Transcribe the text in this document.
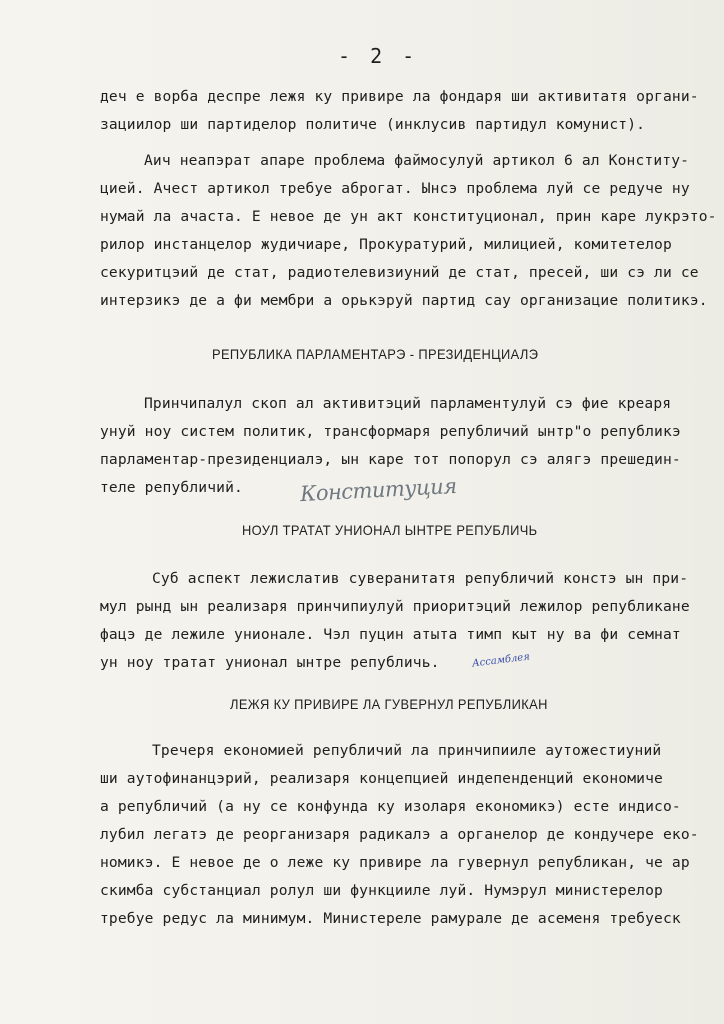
- 2 -
деч е ворба деспре лежя ку привире ла фондаря ши активитатя органи-
зациилор ши партиделор политиче (инклусив партидул комунист).
Аич неапэрат апаре проблема файмосулуй артикол 6 ал Конститу-
цией. Ачест артикол требуе аброгат. Ынсэ проблема луй се редуче ну
нумай ла ачаста. Е невое де ун акт конституционал, прин каре лукрэто-
рилор инстанцелор жудичиаре, Прокуратурий, милицией, комитетелор
секуритцэий де стат, радиотелевизиуний де стат, пресей, ши сэ ли се
интерзикэ де а фи мембри а орькэруй партид сау организацие политикэ.
РЕПУБЛИКА ПАРЛАМЕНТАРЭ - ПРЕЗИДЕНЦИАЛЭ
Принчипалул скоп ал активитэций парламентулуй сэ фие креаря
унуй ноу систем политик, трансформаря републичий ынтр"о републикэ
парламентар-президенциалэ, ын каре тот попорул сэ алягэ прешедин-
теле републичий.	Конституция
НОУЛ ТРАТАТ УНИОНАЛ ЫНТРЕ РЕПУБЛИЧЬ
Суб аспект лежислатив суверанитатя републичий констэ ын при-
мул рынд ын реализаря принчипиулуй приоритэций лежилор републикане
фацэ де лежиле унионале. Чэл пуцин атыта тимп кыт ну ва фи семнат
ун ноу тратат унионал ынтре републичь.	Ассамблея
ЛЕЖЯ КУ ПРИВИРЕ ЛА ГУВЕРНУЛ РЕПУБЛИКАН
Тречеря економией републичий ла принчипииле аутожестиуний
ши аутофинанцэрий, реализаря концепцией индепенденций економиче
а републичий (а ну се конфунда ку изоларя економикэ) есте индисо-
лубил легатэ де реорганизаря радикалэ а органелор де кондучере еко-
номикэ. Е невое де о лeжe ку привире ла гувернул републикан, че ар
скимба субстанциал ролул ши функцииле луй. Нумэрул министерелор
требуе редус ла минимум. Министереле рамурале де асеменя требуеск
